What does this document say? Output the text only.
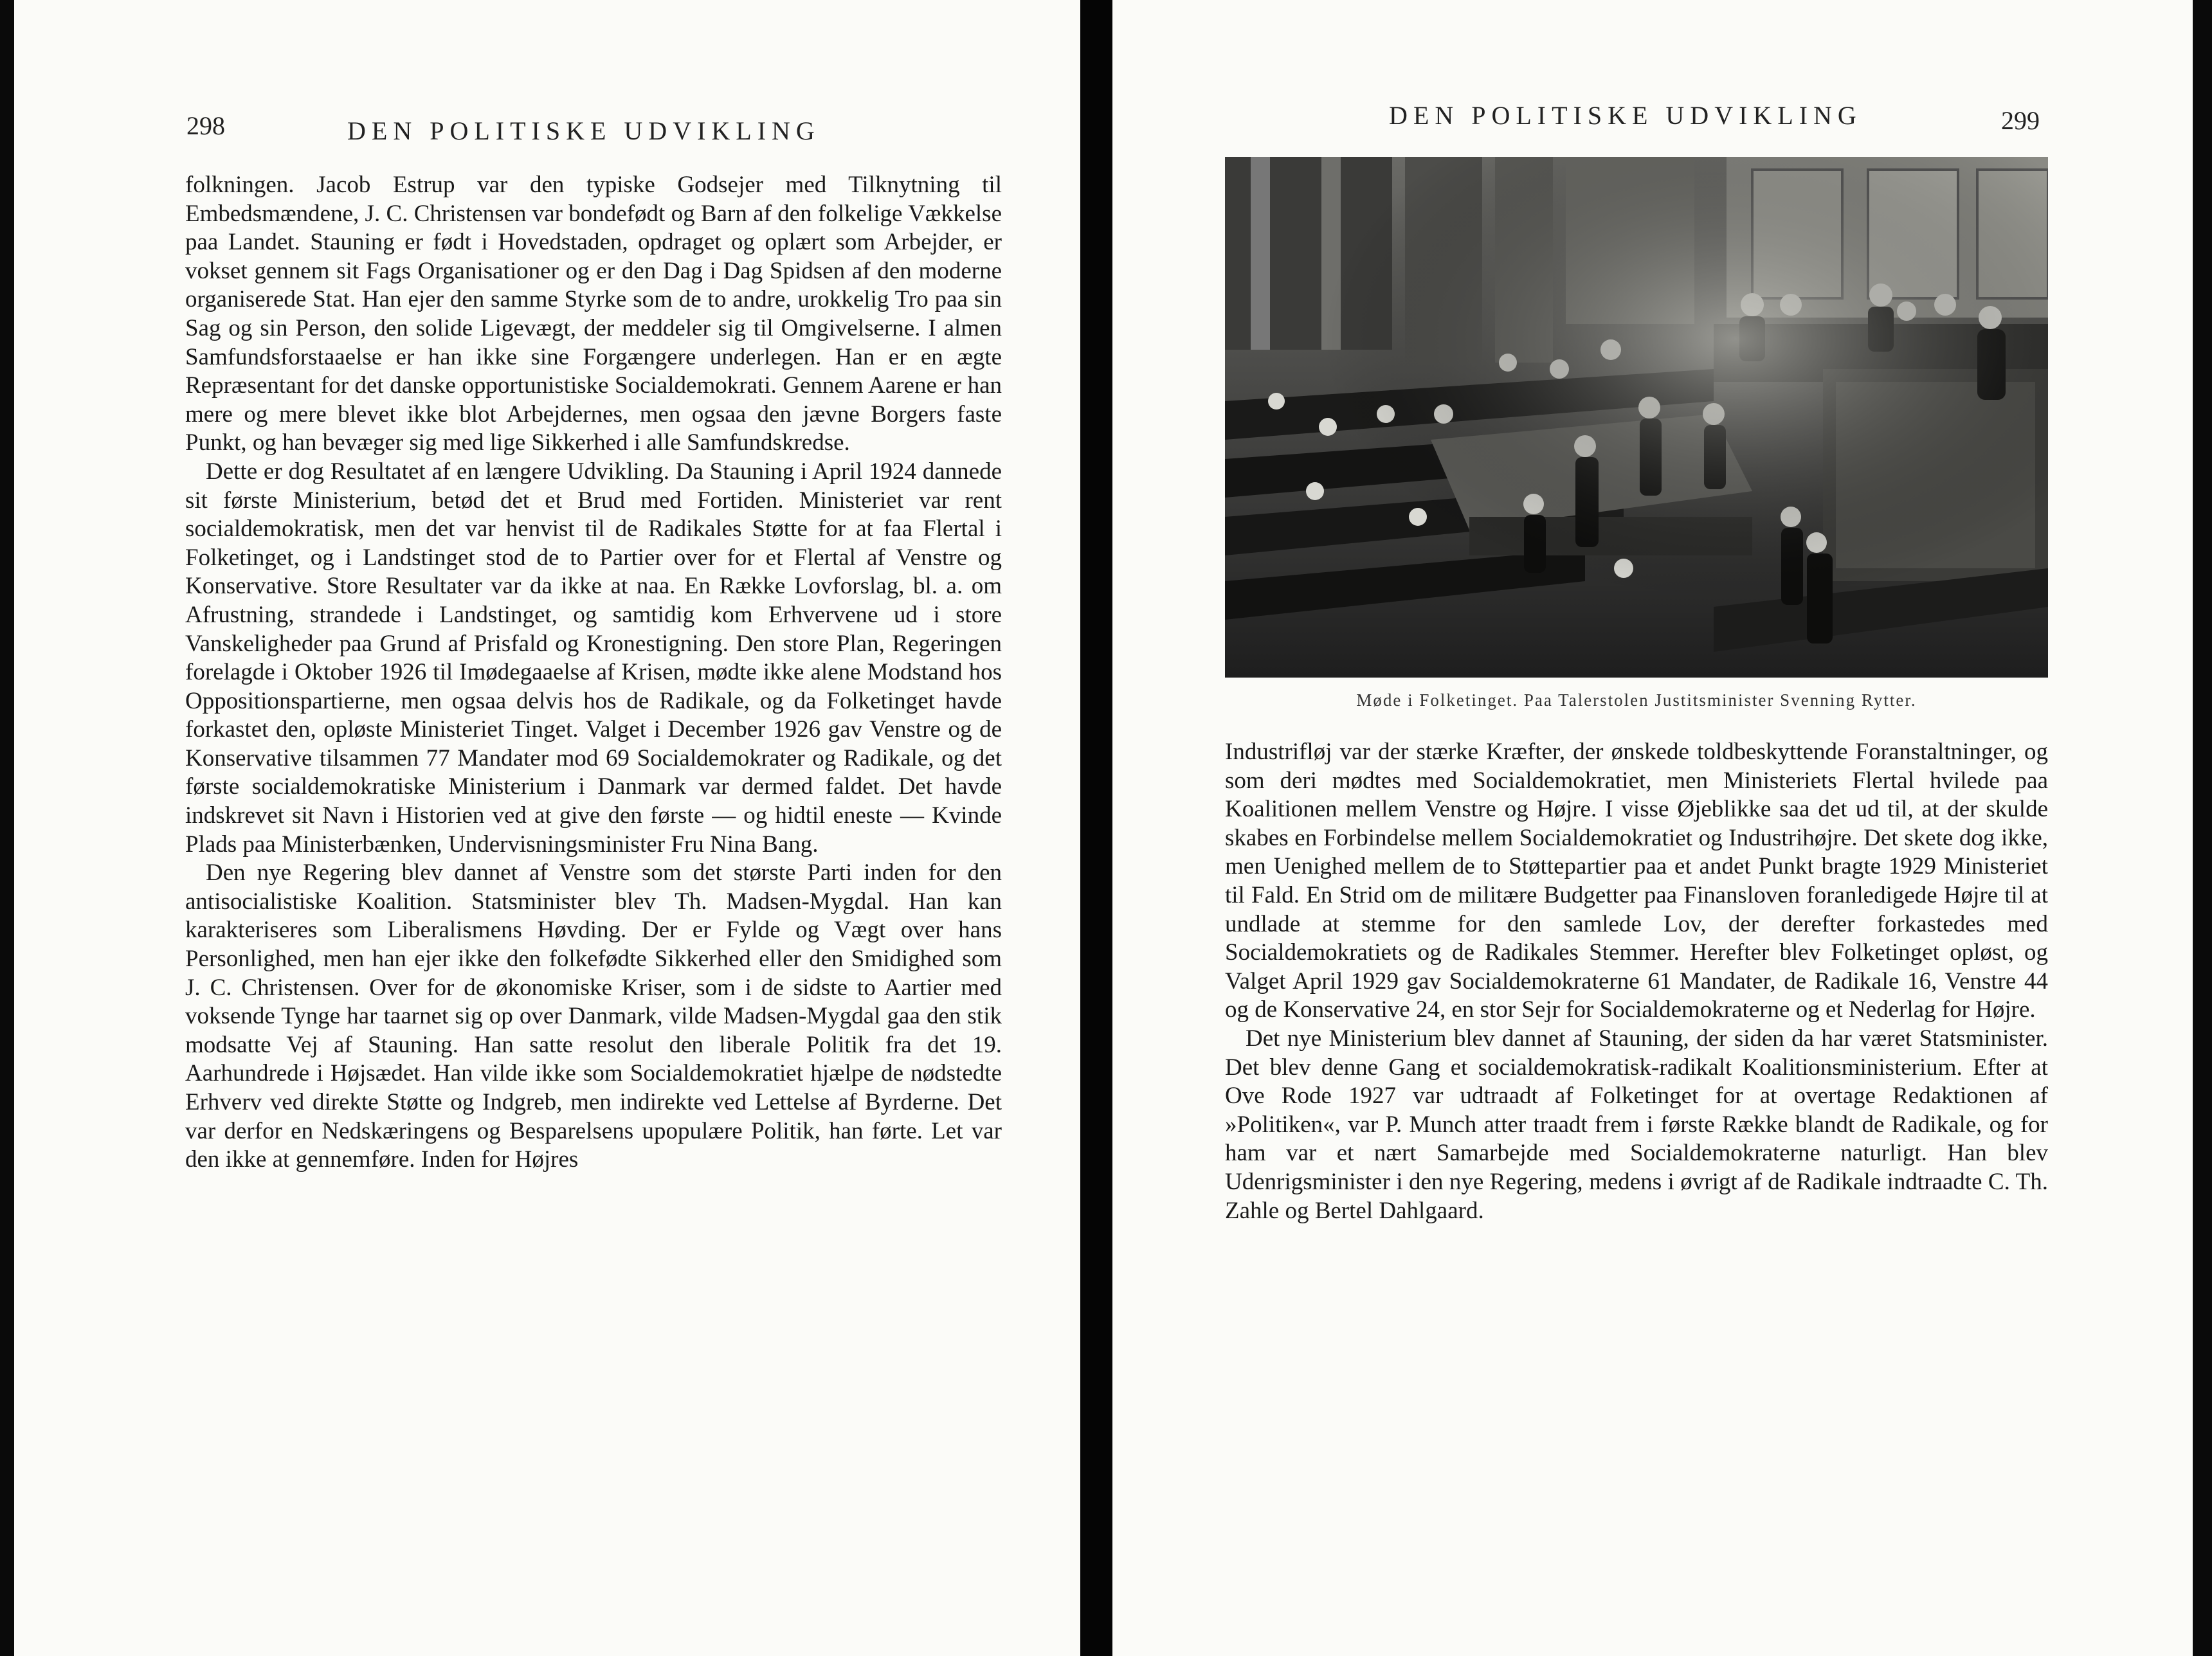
298	DEN POLITISKE UDVIKLING

folkningen. Jacob Estrup var den typiske Godsejer med Tilknytning til Embedsmændene, J. C. Christensen var bondefødt og Barn af den folkelige Vækkelse paa Landet. Stauning er født i Hovedstaden, opdraget og oplært som Arbejder, er vokset gennem sit Fags Organisationer og er den Dag i Dag Spidsen af den moderne organiserede Stat. Han ejer den samme Styrke som de to andre, urokkelig Tro paa sin Sag og sin Person, den solide Ligevægt, der meddeler sig til Omgivelserne. I almen Samfundsforstaaelse er han ikke sine Forgængere underlegen. Han er en ægte Repræsentant for det danske opportunistiske Socialdemokrati. Gennem Aarene er han mere og mere blevet ikke blot Arbejdernes, men ogsaa den jævne Borgers faste Punkt, og han bevæger sig med lige Sikkerhed i alle Samfundskredse.

Dette er dog Resultatet af en længere Udvikling. Da Stauning i April 1924 dannede sit første Ministerium, betød det et Brud med Fortiden. Ministeriet var rent socialdemokratisk, men det var henvist til de Radikales Støtte for at faa Flertal i Folketinget, og i Landstinget stod de to Partier over for et Flertal af Venstre og Konservative. Store Resultater var da ikke at naa. En Række Lovforslag, bl. a. om Afrustning, strandede i Landstinget, og samtidig kom Erhvervene ud i store Vanskeligheder paa Grund af Prisfald og Kronestigning. Den store Plan, Regeringen forelagde i Oktober 1926 til Imødegaaelse af Krisen, mødte ikke alene Modstand hos Oppositionspartierne, men ogsaa delvis hos de Radikale, og da Folketinget havde forkastet den, opløste Ministeriet Tinget. Valget i December 1926 gav Venstre og de Konservative tilsammen 77 Mandater mod 69 Socialdemokrater og Radikale, og det første socialdemokratiske Ministerium i Danmark var dermed faldet. Det havde indskrevet sit Navn i Historien ved at give den første — og hidtil eneste — Kvinde Plads paa Ministerbænken, Undervisningsminister Fru Nina Bang.

Den nye Regering blev dannet af Venstre som det største Parti inden for den antisocialistiske Koalition. Statsminister blev Th. Madsen-Mygdal. Han kan karakteriseres som Liberalismens Høvding. Der er Fylde og Vægt over hans Personlighed, men han ejer ikke den folkefødte Sikkerhed eller den Smidighed som J. C. Christensen. Over for de økonomiske Kriser, som i de sidste to Aartier med voksende Tynge har taarnet sig op over Danmark, vilde Madsen-Mygdal gaa den stik modsatte Vej af Stauning. Han satte resolut den liberale Politik fra det 19. Aarhundrede i Højsædet. Han vilde ikke som Socialdemokratiet hjælpe de nødstedte Erhverv ved direkte Støtte og Indgreb, men indirekte ved Lettelse af Byrderne. Det var derfor en Nedskæringens og Besparelsens upopulære Politik, han førte. Let var den ikke at gennemføre. Inden for Højres

DEN POLITISKE UDVIKLING	299
Møde i Folketinget. Paa Talerstolen Justitsminister Svenning Rytter.

Industrifløj var der stærke Kræfter, der ønskede toldbeskyttende Foranstaltninger, og som deri mødtes med Socialdemokratiet, men Ministeriets Flertal hvilede paa Koalitionen mellem Venstre og Højre. I visse Øjeblikke saa det ud til, at der skulde skabes en Forbindelse mellem Socialdemokratiet og Industrihøjre. Det skete dog ikke, men Uenighed mellem de to Støttepartier paa et andet Punkt bragte 1929 Ministeriet til Fald. En Strid om de militære Budgetter paa Finansloven foranledigede Højre til at undlade at stemme for den samlede Lov, der derefter forkastedes med Socialdemokratiets og de Radikales Stemmer. Herefter blev Folketinget opløst, og Valget April 1929 gav Socialdemokraterne 61 Mandater, de Radikale 16, Venstre 44 og de Konservative 24, en stor Sejr for Socialdemokraterne og et Nederlag for Højre.

Det nye Ministerium blev dannet af Stauning, der siden da har været Statsminister. Det blev denne Gang et socialdemokratisk-radikalt Koalitionsministerium. Efter at Ove Rode 1927 var udtraadt af Folketinget for at overtage Redaktionen af »Politiken«, var P. Munch atter traadt frem i første Række blandt de Radikale, og for ham var et nært Samarbejde med Socialdemokraterne naturligt. Han blev Udenrigsminister i den nye Regering, medens i øvrigt af de Radikale indtraadte C. Th. Zahle og Bertel Dahlgaard.
